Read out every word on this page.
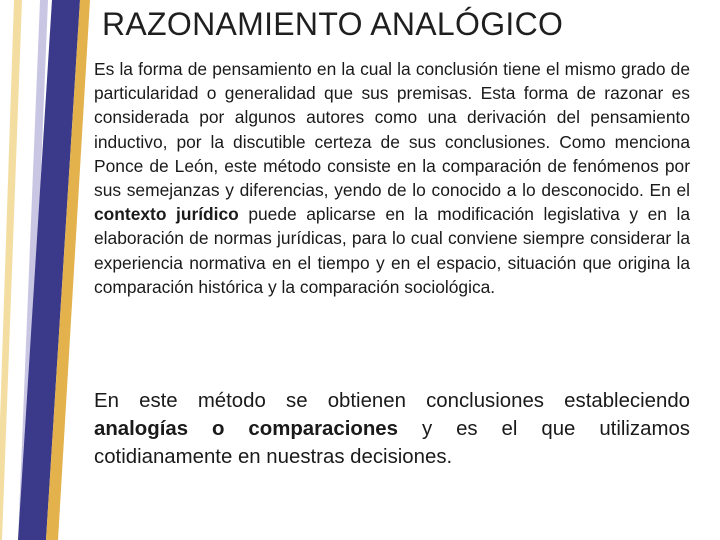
RAZONAMIENTO ANALÓGICO

Es la forma de pensamiento en la cual la conclusión tiene el mismo grado de particularidad o generalidad que sus premisas. Esta forma de razonar es considerada por algunos autores como una derivación del pensamiento inductivo, por la discutible certeza de sus conclusiones. Como menciona Ponce de León, este método consiste en la comparación de fenómenos por sus semejanzas y diferencias, yendo de lo conocido a lo desconocido. En el contexto jurídico puede aplicarse en la modificación legislativa y en la elaboración de normas jurídicas, para lo cual conviene siempre considerar la experiencia normativa en el tiempo y en el espacio, situación que origina la comparación histórica y la comparación sociológica.

En este método se obtienen conclusiones estableciendo analogías o comparaciones y es el que utilizamos cotidianamente en nuestras decisiones.
